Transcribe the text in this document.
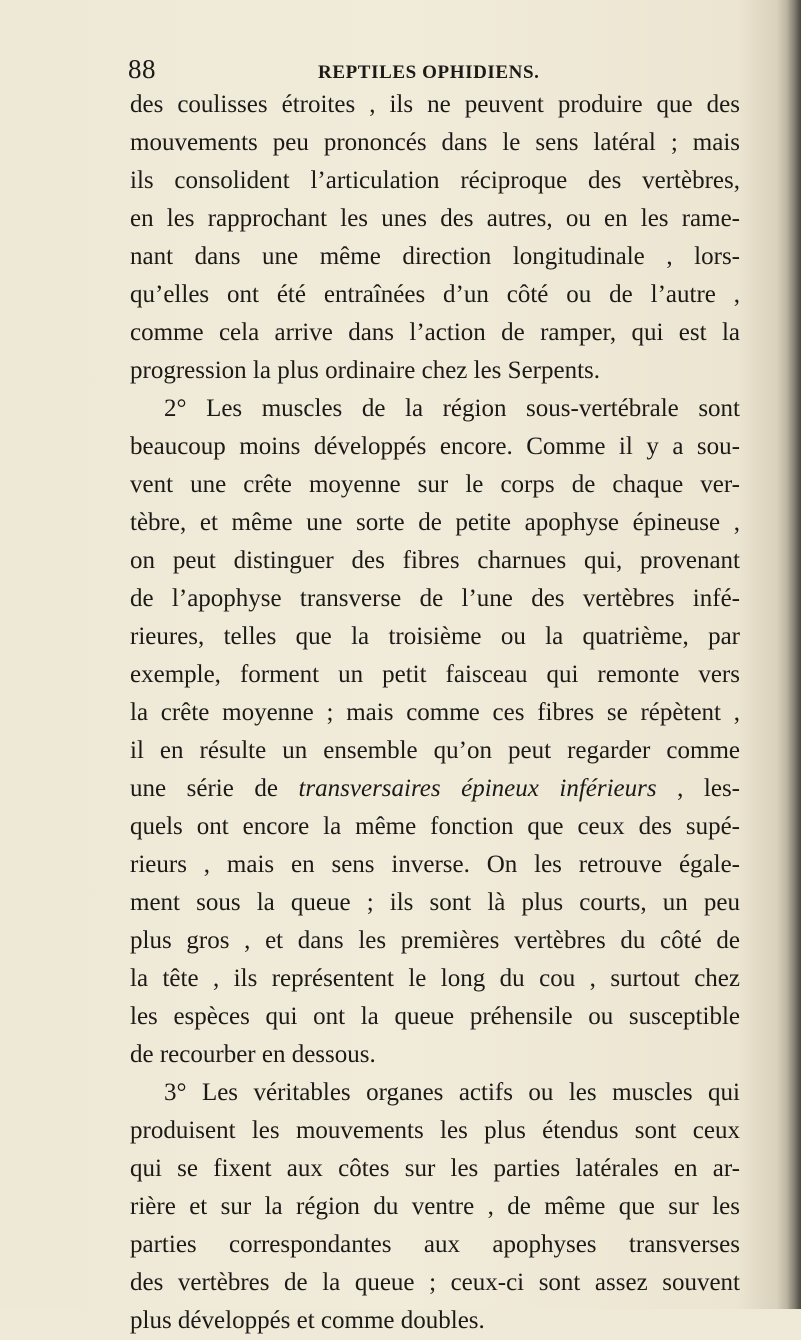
88	REPTILES OPHIDIENS.
des coulisses étroites , ils ne peuvent produire que des
mouvements peu prononcés dans le sens latéral ; mais
ils consolident l’articulation réciproque des vertèbres,
en les rapprochant les unes des autres, ou en les rame-
nant dans une même direction longitudinale , lors-
qu’elles ont été entraînées d’un côté ou de l’autre ,
comme cela arrive dans l’action de ramper, qui est la
progression la plus ordinaire chez les Serpents.
2° Les muscles de la région sous-vertébrale sont
beaucoup moins développés encore. Comme il y a sou-
vent une crête moyenne sur le corps de chaque ver-
tèbre, et même une sorte de petite apophyse épineuse ,
on peut distinguer des fibres charnues qui, provenant
de l’apophyse transverse de l’une des vertèbres infé-
rieures, telles que la troisième ou la quatrième, par
exemple, forment un petit faisceau qui remonte vers
la crête moyenne ; mais comme ces fibres se répètent ,
il en résulte un ensemble qu’on peut regarder comme
une série de transversaires épineux inférieurs , les-
quels ont encore la même fonction que ceux des supé-
rieurs , mais en sens inverse. On les retrouve égale-
ment sous la queue ; ils sont là plus courts, un peu
plus gros , et dans les premières vertèbres du côté de
la tête , ils représentent le long du cou , surtout chez
les espèces qui ont la queue préhensile ou susceptible
de recourber en dessous.
3° Les véritables organes actifs ou les muscles qui
produisent les mouvements les plus étendus sont ceux
qui se fixent aux côtes sur les parties latérales en ar-
rière et sur la région du ventre , de même que sur les
parties correspondantes aux apophyses transverses
des vertèbres de la queue ; ceux-ci sont assez souvent
plus développés et comme doubles.
